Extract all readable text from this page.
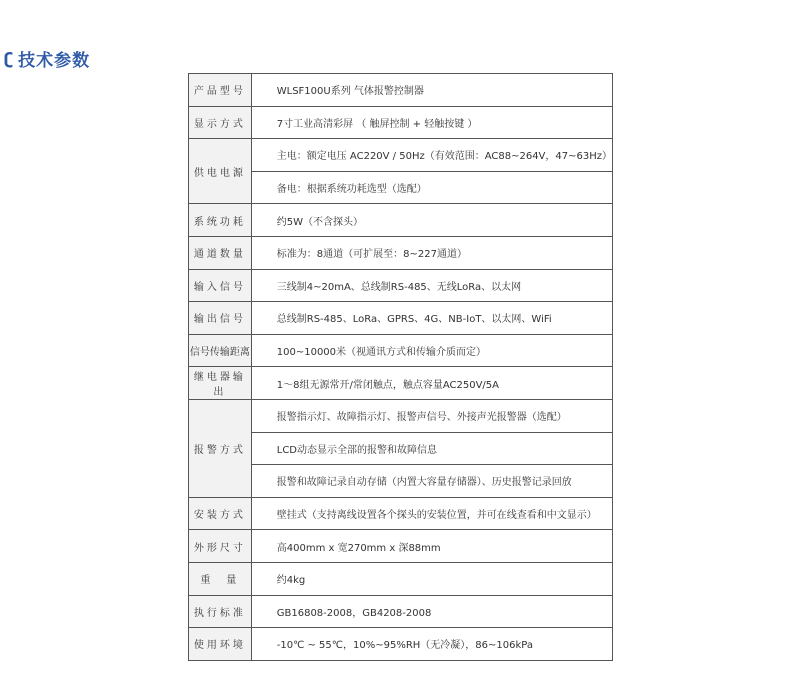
ʗ 技术参数
产品型号	WLSF100U系列 气体报警控制器
显示方式	7寸工业高清彩屏 （ 触屏控制 + 轻触按键 ）
供电电源	主电：额定电压 AC220V / 50Hz（有效范围：AC88~264V，47~63Hz）
	备电：根据系统功耗选型（选配）
系统功耗	约5W（不含探头）
通道数量	标准为：8通道（可扩展至：8~227通道）
输入信号	三线制4~20mA、总线制RS-485、无线LoRa、以太网
输出信号	总线制RS-485、LoRa、GPRS、4G、NB-IoT、以太网、WiFi
信号传输距离	100~10000米（视通讯方式和传输介质而定）
继电器输出	1～8组无源常开/常闭触点，触点容量AC250V/5A
报警方式	报警指示灯、故障指示灯、报警声信号、外接声光报警器（选配）
	LCD动态显示全部的报警和故障信息
	报警和故障记录自动存储（内置大容量存储器）、历史报警记录回放
安装方式	壁挂式（支持离线设置各个探头的安装位置，并可在线查看和中文显示）
外形尺寸	高400mm x 宽270mm x 深88mm
重　量	约4kg
执行标准	GB16808-2008，GB4208-2008
使用环境	-10℃ ~ 55℃，10%~95%RH（无冷凝），86~106kPa
